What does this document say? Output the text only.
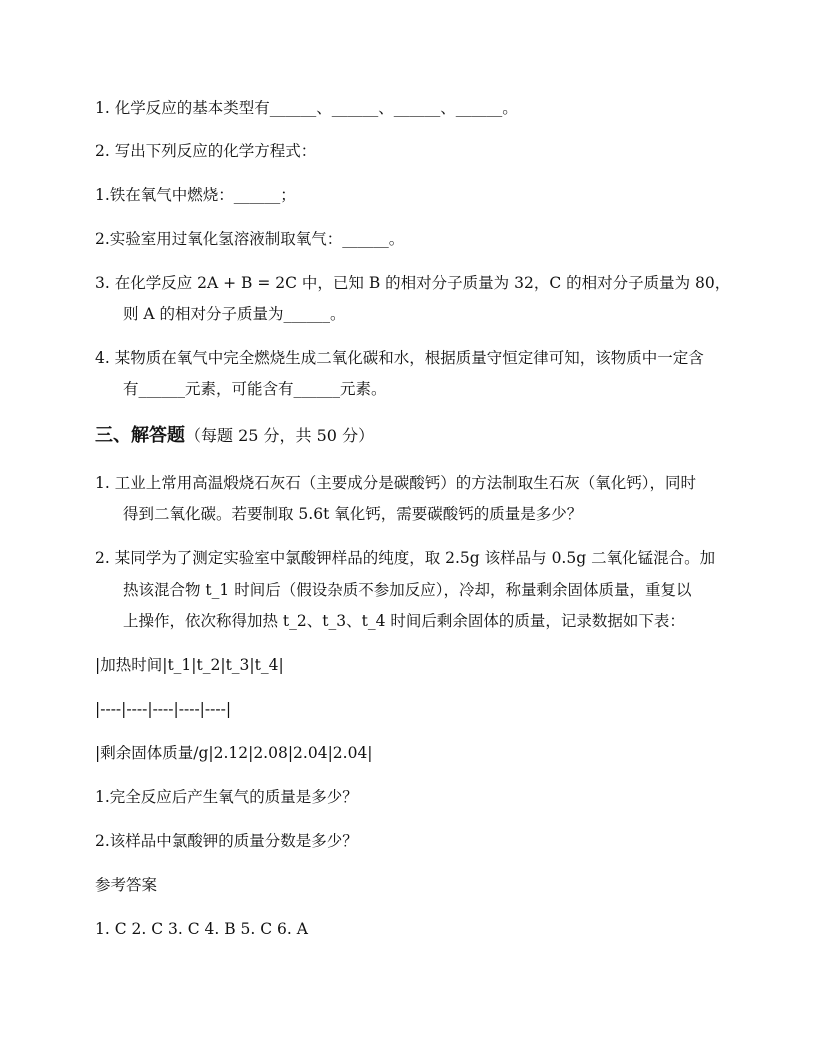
1. 化学反应的基本类型有______、______、______、______。
2. 写出下列反应的化学方程式：
1.铁在氧气中燃烧：______；
2.实验室用过氧化氢溶液制取氧气：______。
3. 在化学反应 2A + B = 2C 中，已知 B 的相对分子质量为 32，C 的相对分子质量为 80，
则 A 的相对分子质量为______。
4. 某物质在氧气中完全燃烧生成二氧化碳和水，根据质量守恒定律可知，该物质中一定含
有______元素，可能含有______元素。
三、解答题（每题 25 分，共 50 分）
1. 工业上常用高温煅烧石灰石（主要成分是碳酸钙）的方法制取生石灰（氧化钙），同时
得到二氧化碳。若要制取 5.6t 氧化钙，需要碳酸钙的质量是多少？
2. 某同学为了测定实验室中氯酸钾样品的纯度，取 2.5g 该样品与 0.5g 二氧化锰混合。加
热该混合物 t_1 时间后（假设杂质不参加反应），冷却，称量剩余固体质量，重复以
上操作，依次称得加热 t_2、t_3、t_4 时间后剩余固体的质量，记录数据如下表：
|加热时间|t_1|t_2|t_3|t_4|
|----|----|----|----|----|
|剩余固体质量/g|2.12|2.08|2.04|2.04|
1.完全反应后产生氧气的质量是多少？
2.该样品中氯酸钾的质量分数是多少？
参考答案
1. C 2. C 3. C 4. B 5. C 6. A
